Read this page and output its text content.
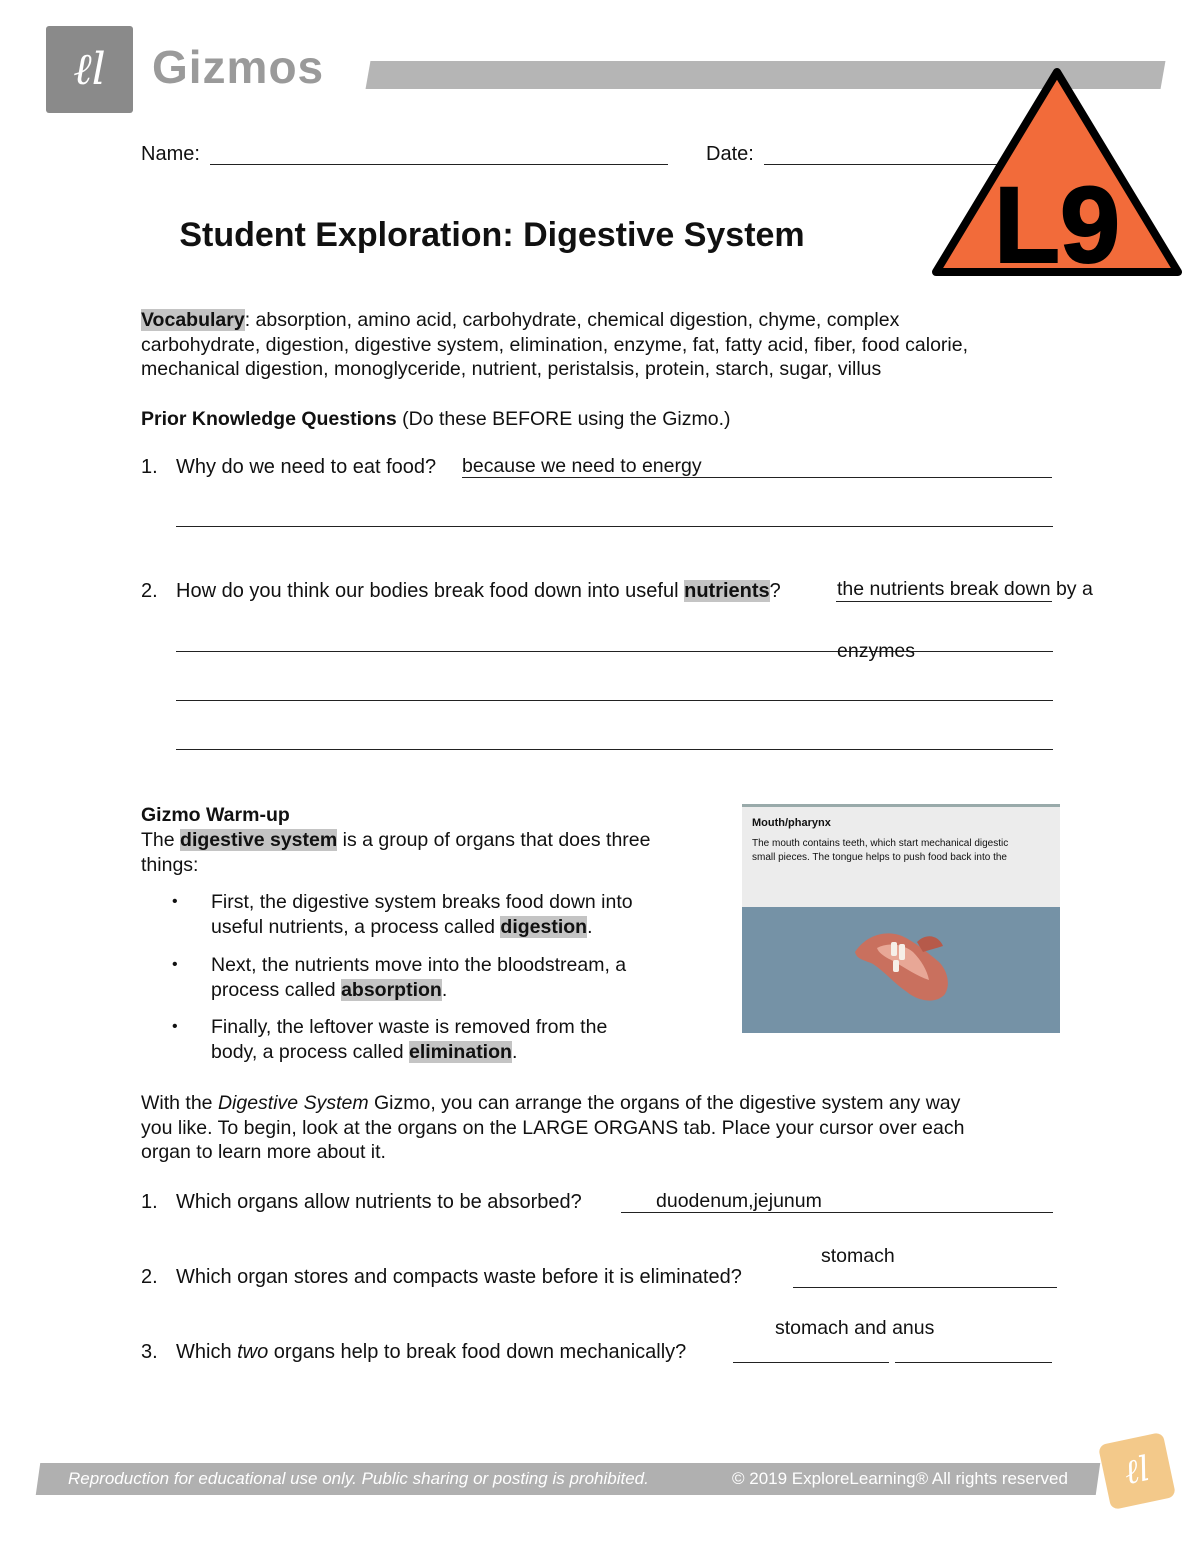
ℓl Gizmos
Name:	Date:
L9
Student Exploration: Digestive System
Vocabulary: absorption, amino acid, carbohydrate, chemical digestion, chyme, complex
carbohydrate, digestion, digestive system, elimination, enzyme, fat, fatty acid, fiber, food calorie,
mechanical digestion, monoglyceride, nutrient, peristalsis, protein, starch, sugar, villus
Prior Knowledge Questions (Do these BEFORE using the Gizmo.)
1. Why do we need to eat food? because we need to energy
2. How do you think our bodies break food down into useful nutrients?	the nutrients break down by a
enzymes
Gizmo Warm-up
The digestive system is a group of organs that does three
things:
• First, the digestive system breaks food down into
useful nutrients, a process called digestion.
• Next, the nutrients move into the bloodstream, a
process called absorption.
• Finally, the leftover waste is removed from the
body, a process called elimination.
Mouth/pharynx
The mouth contains teeth, which start mechanical digestic
small pieces. The tongue helps to push food back into the
With the Digestive System Gizmo, you can arrange the organs of the digestive system any way
you like. To begin, look at the organs on the LARGE ORGANS tab. Place your cursor over each
organ to learn more about it.
1. Which organs allow nutrients to be absorbed?	duodenum,jejunum
stomach
2. Which organ stores and compacts waste before it is eliminated?
stomach and anus
3. Which two organs help to break food down mechanically?
Reproduction for educational use only. Public sharing or posting is prohibited.	© 2019 ExploreLearning® All rights reserved ℓl
